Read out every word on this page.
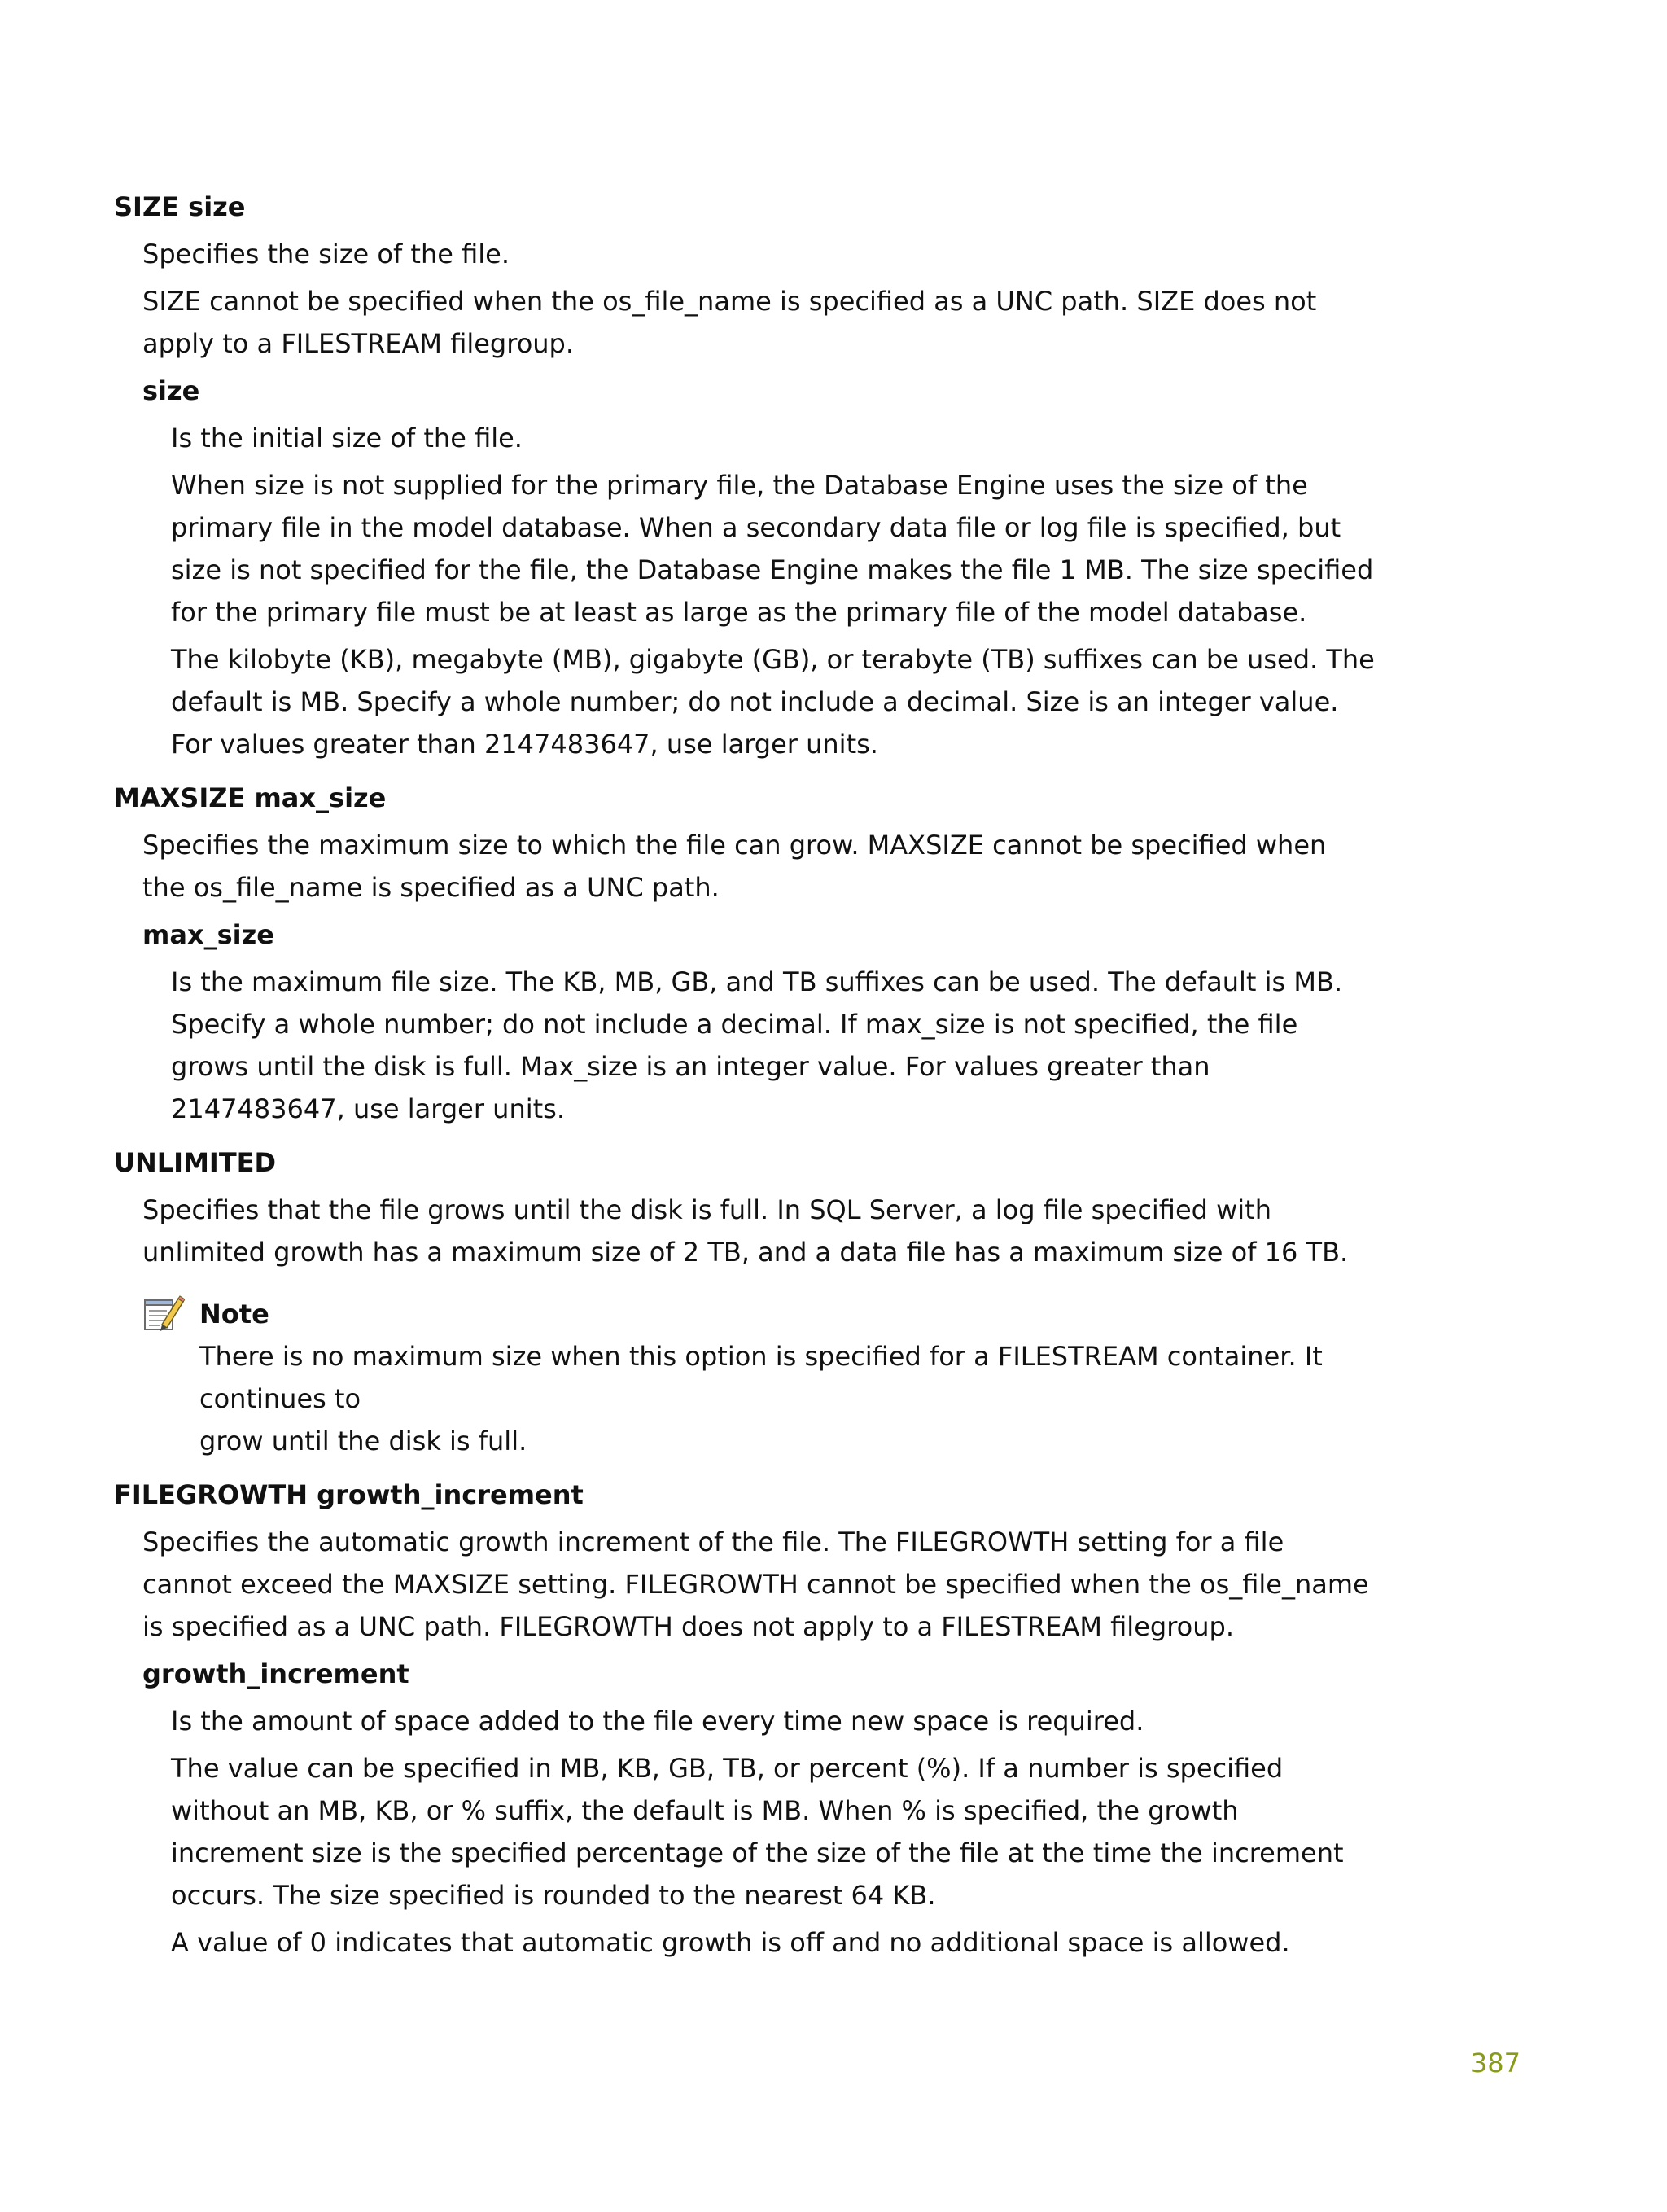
SIZE size
Specifies the size of the file.
SIZE cannot be specified when the os_file_name is specified as a UNC path. SIZE does not
apply to a FILESTREAM filegroup.
size
Is the initial size of the file.
When size is not supplied for the primary file, the Database Engine uses the size of the
primary file in the model database. When a secondary data file or log file is specified, but
size is not specified for the file, the Database Engine makes the file 1 MB. The size specified
for the primary file must be at least as large as the primary file of the model database.
The kilobyte (KB), megabyte (MB), gigabyte (GB), or terabyte (TB) suffixes can be used. The
default is MB. Specify a whole number; do not include a decimal. Size is an integer value.
For values greater than 2147483647, use larger units.
MAXSIZE max_size
Specifies the maximum size to which the file can grow. MAXSIZE cannot be specified when
the os_file_name is specified as a UNC path.
max_size
Is the maximum file size. The KB, MB, GB, and TB suffixes can be used. The default is MB.
Specify a whole number; do not include a decimal. If max_size is not specified, the file
grows until the disk is full. Max_size is an integer value. For values greater than
2147483647, use larger units.
UNLIMITED
Specifies that the file grows until the disk is full. In SQL Server, a log file specified with
unlimited growth has a maximum size of 2 TB, and a data file has a maximum size of 16 TB.
Note
There is no maximum size when this option is specified for a FILESTREAM container. It continues to
grow until the disk is full.
FILEGROWTH growth_increment
Specifies the automatic growth increment of the file. The FILEGROWTH setting for a file
cannot exceed the MAXSIZE setting. FILEGROWTH cannot be specified when the os_file_name
is specified as a UNC path. FILEGROWTH does not apply to a FILESTREAM filegroup.
growth_increment
Is the amount of space added to the file every time new space is required.
The value can be specified in MB, KB, GB, TB, or percent (%). If a number is specified
without an MB, KB, or % suffix, the default is MB. When % is specified, the growth
increment size is the specified percentage of the size of the file at the time the increment
occurs. The size specified is rounded to the nearest 64 KB.
A value of 0 indicates that automatic growth is off and no additional space is allowed.
387
